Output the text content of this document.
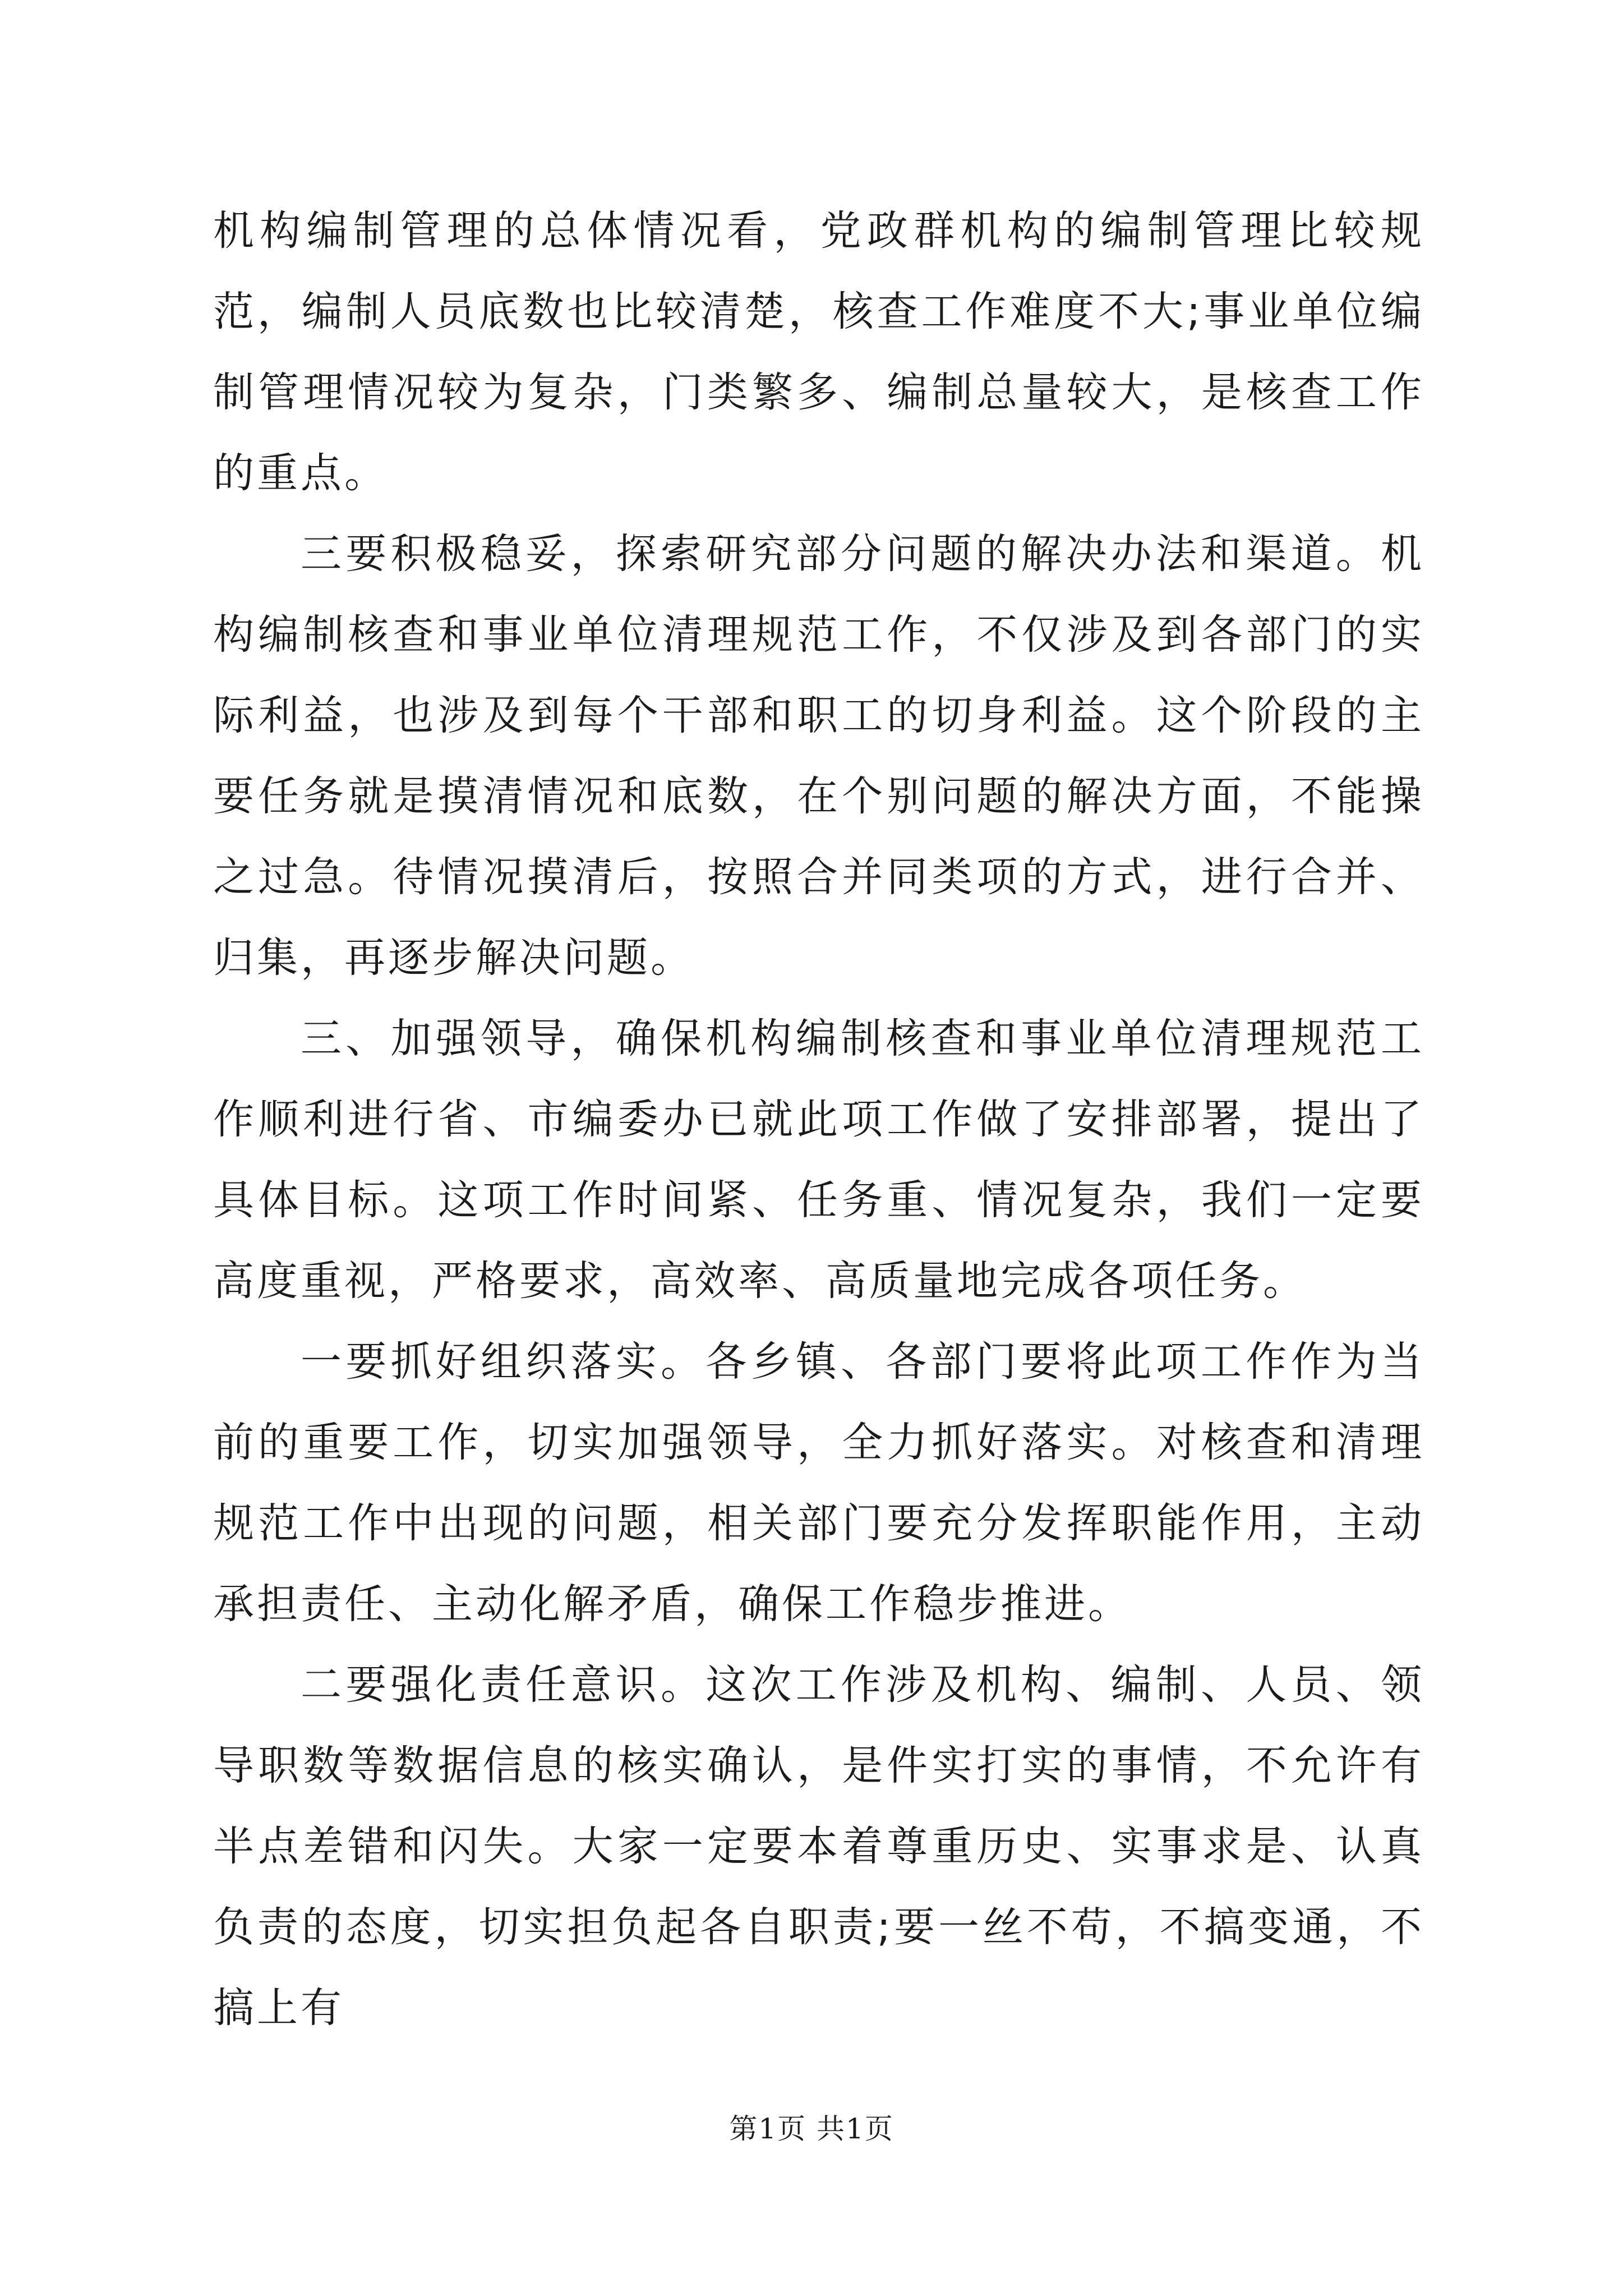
机构编制管理的总体情况看，党政群机构的编制管理比较规范，编制人员底数也比较清楚，核查工作难度不大;事业单位编制管理情况较为复杂，门类繁多、编制总量较大，是核查工作的重点。

三要积极稳妥，探索研究部分问题的解决办法和渠道。机构编制核查和事业单位清理规范工作，不仅涉及到各部门的实际利益，也涉及到每个干部和职工的切身利益。这个阶段的主要任务就是摸清情况和底数，在个别问题的解决方面，不能操之过急。待情况摸清后，按照合并同类项的方式，进行合并、归集，再逐步解决问题。

三、加强领导，确保机构编制核查和事业单位清理规范工作顺利进行省、市编委办已就此项工作做了安排部署，提出了具体目标。这项工作时间紧、任务重、情况复杂，我们一定要高度重视，严格要求，高效率、高质量地完成各项任务。

一要抓好组织落实。各乡镇、各部门要将此项工作作为当前的重要工作，切实加强领导，全力抓好落实。对核查和清理规范工作中出现的问题，相关部门要充分发挥职能作用，主动承担责任、主动化解矛盾，确保工作稳步推进。

二要强化责任意识。这次工作涉及机构、编制、人员、领导职数等数据信息的核实确认，是件实打实的事情，不允许有半点差错和闪失。大家一定要本着尊重历史、实事求是、认真负责的态度，切实担负起各自职责;要一丝不苟，不搞变通，不搞上有

第1页 共1页
